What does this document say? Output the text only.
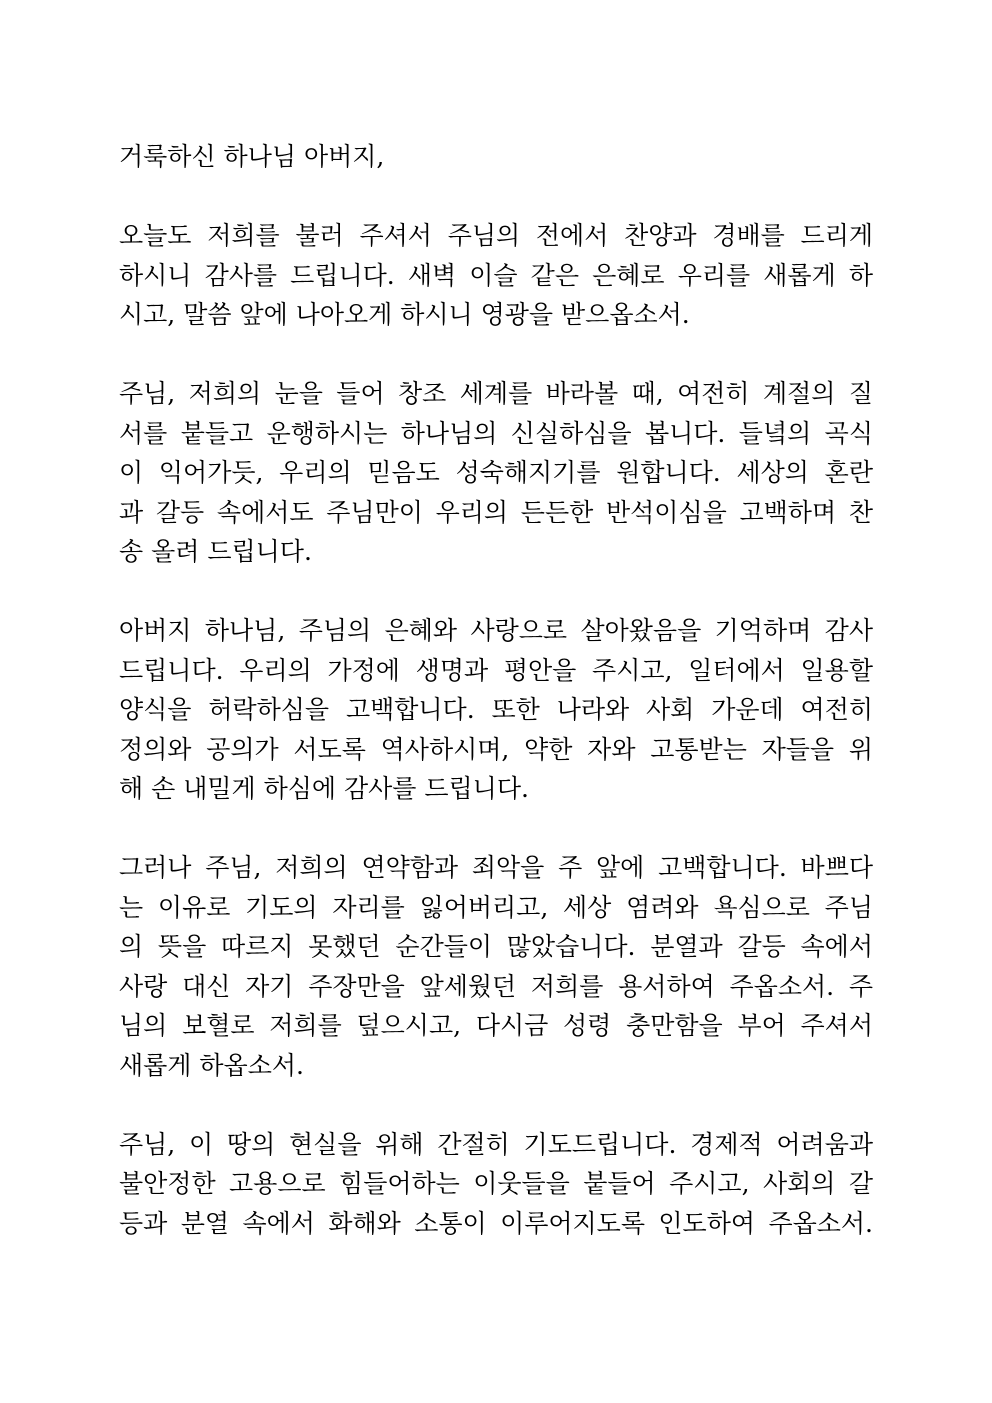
거룩하신 하나님 아버지,
오늘도 저희를 불러 주셔서 주님의 전에서 찬양과 경배를 드리게
하시니 감사를 드립니다. 새벽 이슬 같은 은혜로 우리를 새롭게 하
시고, 말씀 앞에 나아오게 하시니 영광을 받으옵소서.
주님, 저희의 눈을 들어 창조 세계를 바라볼 때, 여전히 계절의 질
서를 붙들고 운행하시는 하나님의 신실하심을 봅니다. 들녘의 곡식
이 익어가듯, 우리의 믿음도 성숙해지기를 원합니다. 세상의 혼란
과 갈등 속에서도 주님만이 우리의 든든한 반석이심을 고백하며 찬
송 올려 드립니다.
아버지 하나님, 주님의 은혜와 사랑으로 살아왔음을 기억하며 감사
드립니다. 우리의 가정에 생명과 평안을 주시고, 일터에서 일용할
양식을 허락하심을 고백합니다. 또한 나라와 사회 가운데 여전히
정의와 공의가 서도록 역사하시며, 약한 자와 고통받는 자들을 위
해 손 내밀게 하심에 감사를 드립니다.
그러나 주님, 저희의 연약함과 죄악을 주 앞에 고백합니다. 바쁘다
는 이유로 기도의 자리를 잃어버리고, 세상 염려와 욕심으로 주님
의 뜻을 따르지 못했던 순간들이 많았습니다. 분열과 갈등 속에서
사랑 대신 자기 주장만을 앞세웠던 저희를 용서하여 주옵소서. 주
님의 보혈로 저희를 덮으시고, 다시금 성령 충만함을 부어 주셔서
새롭게 하옵소서.
주님, 이 땅의 현실을 위해 간절히 기도드립니다. 경제적 어려움과
불안정한 고용으로 힘들어하는 이웃들을 붙들어 주시고, 사회의 갈
등과 분열 속에서 화해와 소통이 이루어지도록 인도하여 주옵소서.
